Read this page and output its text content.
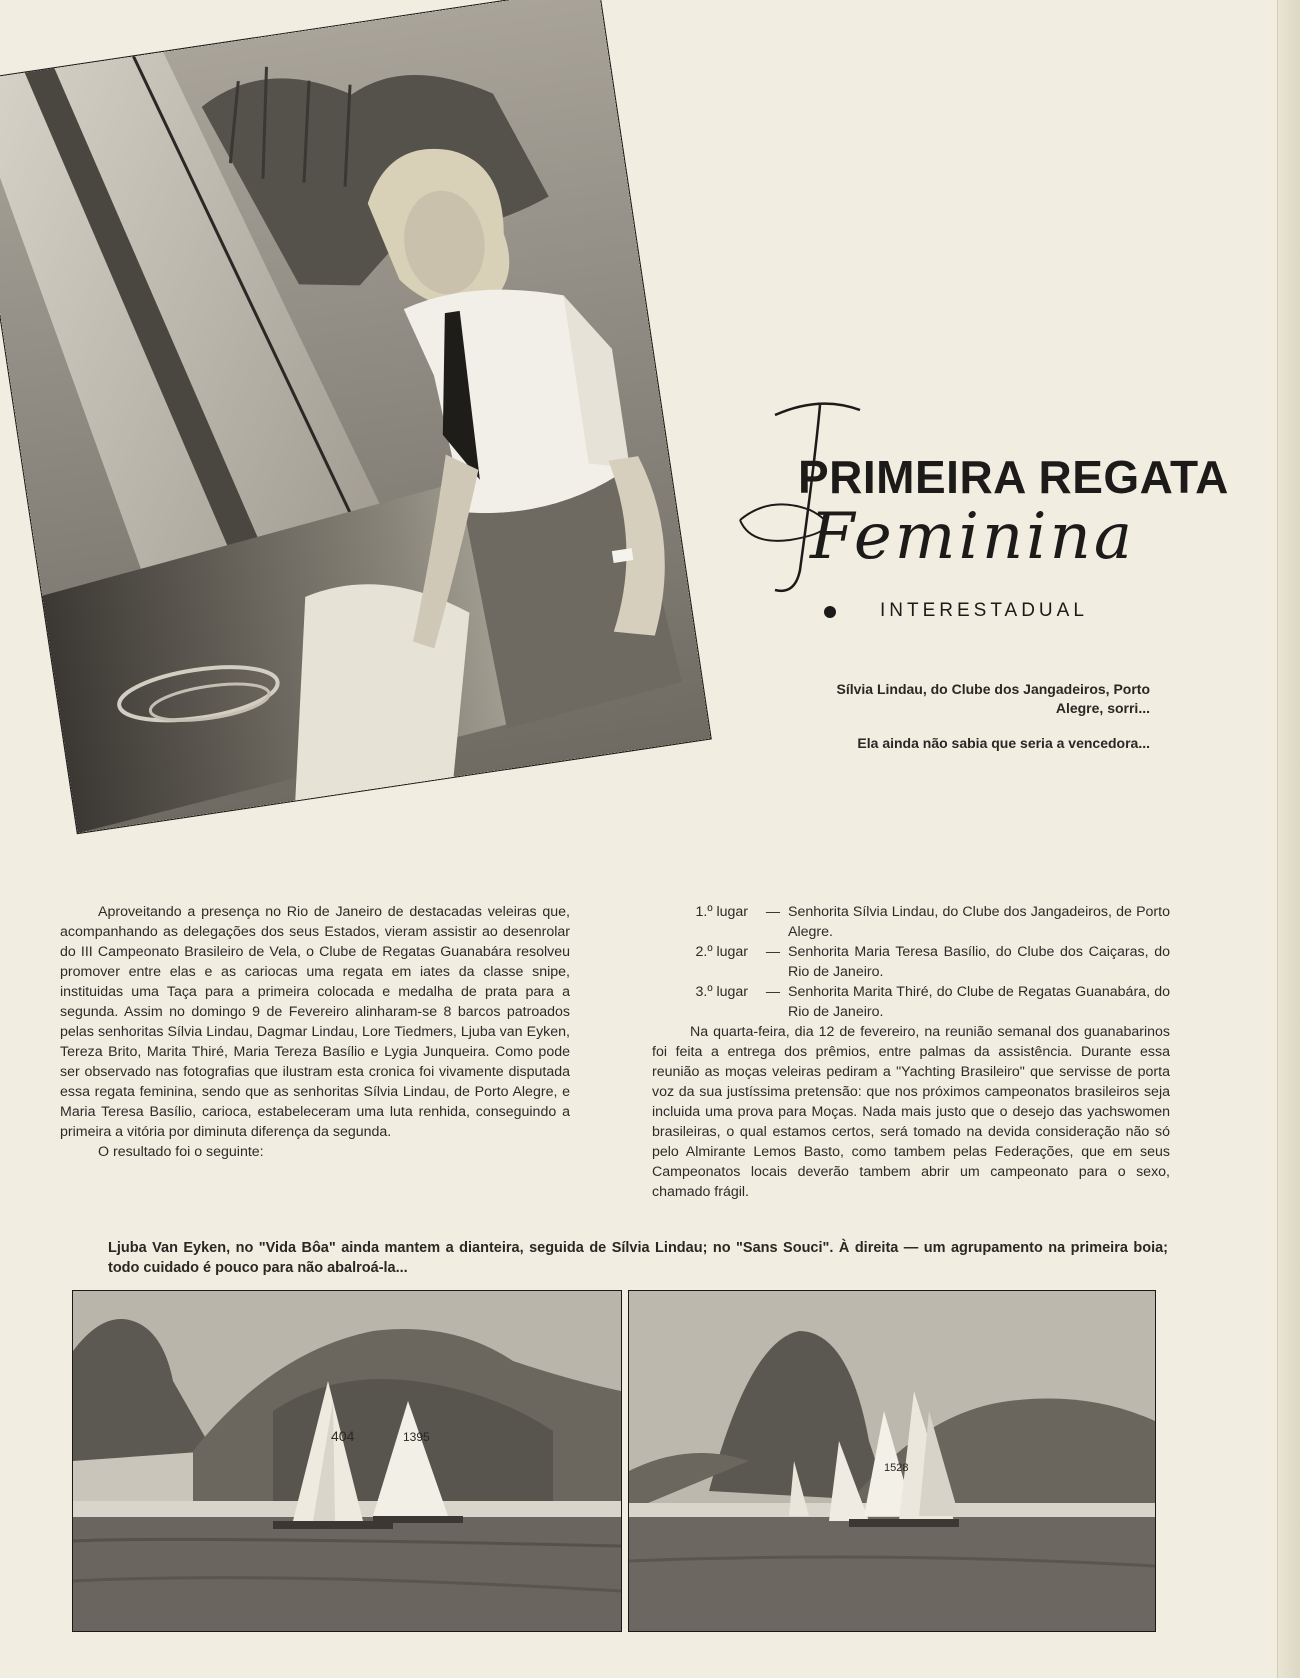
PRIMEIRA REGATA
Feminina
INTERESTADUAL

Sílvia Lindau, do Clube dos Jangadeiros, Porto Alegre, sorri...

Ela ainda não sabia que seria a vencedora...

Aproveitando a presença no Rio de Janeiro de destacadas veleiras que, acompanhando as delegações dos seus Estados, vieram assistir ao desenrolar do III Campeonato Brasileiro de Vela, o Clube de Regatas Guanabára resolveu promover entre elas e as cariocas uma regata em iates da classe snipe, instituidas uma Taça para a primeira colocada e medalha de prata para a segunda. Assim no domingo 9 de Fevereiro alinharam-se 8 barcos patroados pelas senhoritas Sílvia Lindau, Dagmar Lindau, Lore Tiedmers, Ljuba van Eyken, Tereza Brito, Marita Thiré, Maria Tereza Basílio e Lygia Junqueira. Como pode ser observado nas fotografias que ilustram esta cronica foi vivamente disputada essa regata feminina, sendo que as senhoritas Sílvia Lindau, de Porto Alegre, e Maria Teresa Basílio, carioca, estabeleceram uma luta renhida, conseguindo a primeira a vitória por diminuta diferença da segunda.

O resultado foi o seguinte:

1.º lugar	— Senhorita Sílvia Lindau, do Clube dos Jangadeiros, de Porto Alegre.
2.º lugar	— Senhorita Maria Teresa Basílio, do Clube dos Caiçaras, do Rio de Janeiro.
3.º lugar	— Senhorita Marita Thiré, do Clube de Regatas Guanabára, do Rio de Janeiro.

Na quarta-feira, dia 12 de fevereiro, na reunião semanal dos guanabarinos foi feita a entrega dos prêmios, entre palmas da assistência. Durante essa reunião as moças veleiras pediram a "Yachting Brasileiro" que servisse de porta voz da sua justíssima pretensão: que nos próximos campeonatos brasileiros seja incluida uma prova para Moças. Nada mais justo que o desejo das yachswomen brasileiras, o qual estamos certos, será tomado na devida consideração não só pelo Almirante Lemos Basto, como tambem pelas Federações, que em seus Campeonatos locais deverão tambem abrir um campeonato para o sexo, chamado frágil.

Ljuba Van Eyken, no "Vida Bôa" ainda mantem a dianteira, seguida de Sílvia Lindau; no "Sans Souci". À direita — um agrupamento na primeira boia; todo cuidado é pouco para não abalroá-la...
404	1395
1528
